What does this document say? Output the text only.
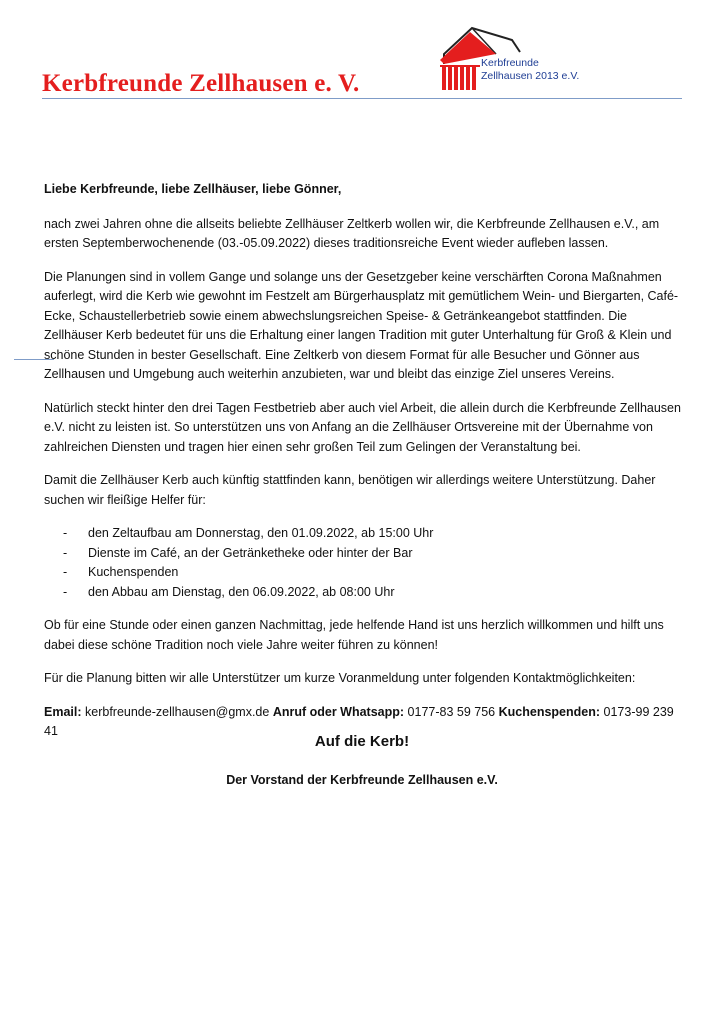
Kerbfreunde Zellhausen e. V.
Kerbfreunde
Zellhausen 2013 e.V.

Liebe Kerbfreunde, liebe Zellhäuser, liebe Gönner,

nach zwei Jahren ohne die allseits beliebte Zellhäuser Zeltkerb wollen wir, die Kerbfreunde Zellhausen e.V., am ersten Septemberwochenende (03.-05.09.2022) dieses traditionsreiche Event wieder aufleben lassen.

Die Planungen sind in vollem Gange und solange uns der Gesetzgeber keine verschärften Corona Maßnahmen auferlegt, wird die Kerb wie gewohnt im Festzelt am Bürgerhausplatz mit gemütlichem Wein- und Biergarten, Café-Ecke, Schaustellerbetrieb sowie einem abwechslungsreichen Speise- & Getränkeangebot stattfinden. Die Zellhäuser Kerb bedeutet für uns die Erhaltung einer langen Tradition mit guter Unterhaltung für Groß & Klein und schöne Stunden in bester Gesellschaft. Eine Zeltkerb von diesem Format für alle Besucher und Gönner aus Zellhausen und Umgebung auch weiterhin anzubieten, war und bleibt das einzige Ziel unseres Vereins.

Natürlich steckt hinter den drei Tagen Festbetrieb aber auch viel Arbeit, die allein durch die Kerbfreunde Zellhausen e.V. nicht zu leisten ist. So unterstützen uns von Anfang an die Zellhäuser Ortsvereine mit der Übernahme von zahlreichen Diensten und tragen hier einen sehr großen Teil zum Gelingen der Veranstaltung bei.

Damit die Zellhäuser Kerb auch künftig stattfinden kann, benötigen wir allerdings weitere Unterstützung. Daher suchen wir fleißige Helfer für:

- den Zeltaufbau am Donnerstag, den 01.09.2022, ab 15:00 Uhr
- Dienste im Café, an der Getränketheke oder hinter der Bar
- Kuchenspenden
- den Abbau am Dienstag, den 06.09.2022, ab 08:00 Uhr

Ob für eine Stunde oder einen ganzen Nachmittag, jede helfende Hand ist uns herzlich willkommen und hilft uns dabei diese schöne Tradition noch viele Jahre weiter führen zu können!

Für die Planung bitten wir alle Unterstützer um kurze Voranmeldung unter folgenden Kontaktmöglichkeiten:

Email: kerbfreunde-zellhausen@gmx.de Anruf oder Whatsapp: 0177-83 59 756 Kuchenspenden: 0173-99 239 41

Auf die Kerb!
Der Vorstand der Kerbfreunde Zellhausen e.V.
